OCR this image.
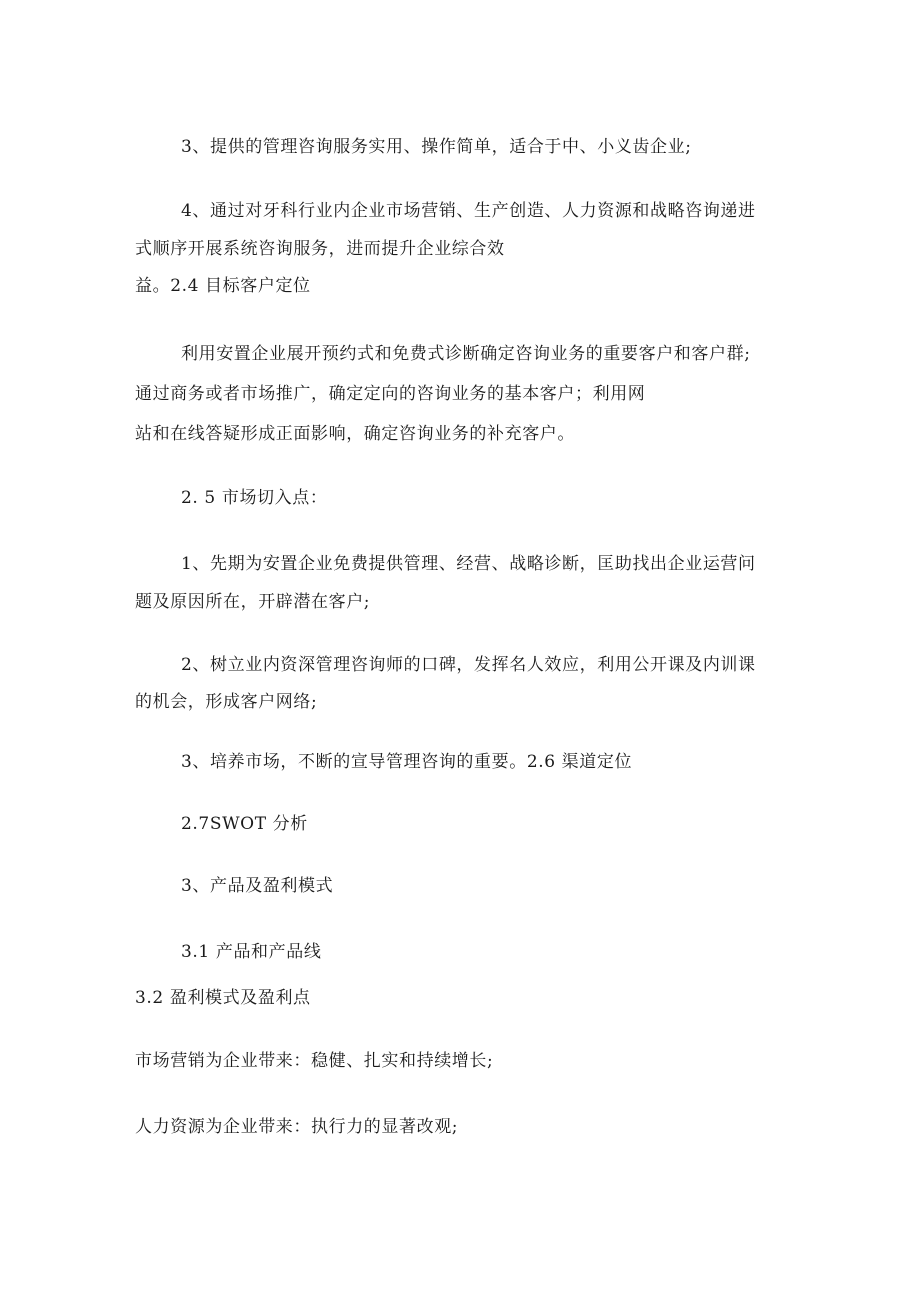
3、提供的管理咨询服务实用、操作简单，适合于中、小义齿企业;
4、通过对牙科行业内企业市场营销、生产创造、人力资源和战略咨询递进
式顺序开展系统咨询服务，进而提升企业综合效
益。2.4 目标客户定位
利用安置企业展开预约式和免费式诊断确定咨询业务的重要客户和客户群;
通过商务或者市场推广，确定定向的咨询业务的基本客户；利用网
站和在线答疑形成正面影响，确定咨询业务的补充客户。
2. 5 市场切入点：
1、先期为安置企业免费提供管理、经营、战略诊断，匡助找出企业运营问
题及原因所在，开辟潜在客户;
2、树立业内资深管理咨询师的口碑，发挥名人效应，利用公开课及内训课
的机会，形成客户网络;
3、培养市场，不断的宣导管理咨询的重要。2.6 渠道定位
2.7SWOT 分析
3、产品及盈利模式
3.1 产品和产品线
3.2 盈利模式及盈利点
市场营销为企业带来：稳健、扎实和持续增长;
人力资源为企业带来：执行力的显著改观;
